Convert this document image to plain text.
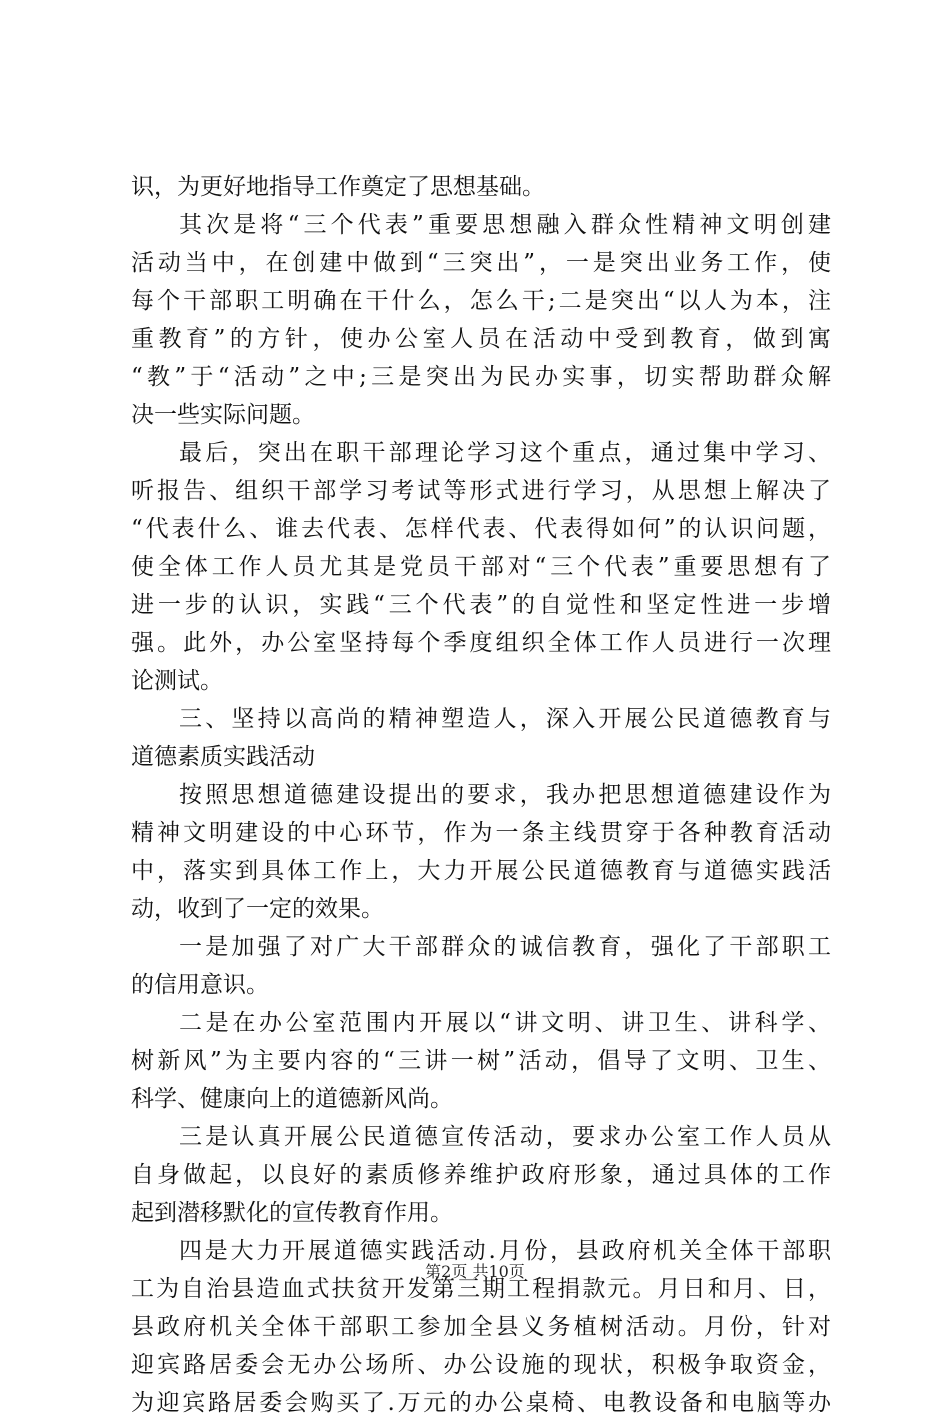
识，为更好地指导工作奠定了思想基础。
其次是将“三个代表”重要思想融入群众性精神文明创建
活动当中，在创建中做到“三突出”，一是突出业务工作，使
每个干部职工明确在干什么，怎么干;二是突出“以人为本，注
重教育”的方针，使办公室人员在活动中受到教育，做到寓
“教”于“活动”之中;三是突出为民办实事，切实帮助群众解
决一些实际问题。
最后，突出在职干部理论学习这个重点，通过集中学习、
听报告、组织干部学习考试等形式进行学习，从思想上解决了
“代表什么、谁去代表、怎样代表、代表得如何”的认识问题，
使全体工作人员尤其是党员干部对“三个代表”重要思想有了
进一步的认识，实践“三个代表”的自觉性和坚定性进一步增
强。此外，办公室坚持每个季度组织全体工作人员进行一次理
论测试。
三、坚持以高尚的精神塑造人，深入开展公民道德教育与
道德素质实践活动
按照思想道德建设提出的要求，我办把思想道德建设作为
精神文明建设的中心环节，作为一条主线贯穿于各种教育活动
中，落实到具体工作上，大力开展公民道德教育与道德实践活
动，收到了一定的效果。
一是加强了对广大干部群众的诚信教育，强化了干部职工
的信用意识。
二是在办公室范围内开展以“讲文明、讲卫生、讲科学、
树新风”为主要内容的“三讲一树”活动，倡导了文明、卫生、
科学、健康向上的道德新风尚。
三是认真开展公民道德宣传活动，要求办公室工作人员从
自身做起，以良好的素质修养维护政府形象，通过具体的工作
起到潜移默化的宣传教育作用。
四是大力开展道德实践活动.月份，县政府机关全体干部职
工为自治县造血式扶贫开发第三期工程捐款元。月日和月、日，
县政府机关全体干部职工参加全县义务植树活动。月份，针对
迎宾路居委会无办公场所、办公设施的现状，积极争取资金，
为迎宾路居委会购买了.万元的办公桌椅、电教设备和电脑等办
第2页 共10页
